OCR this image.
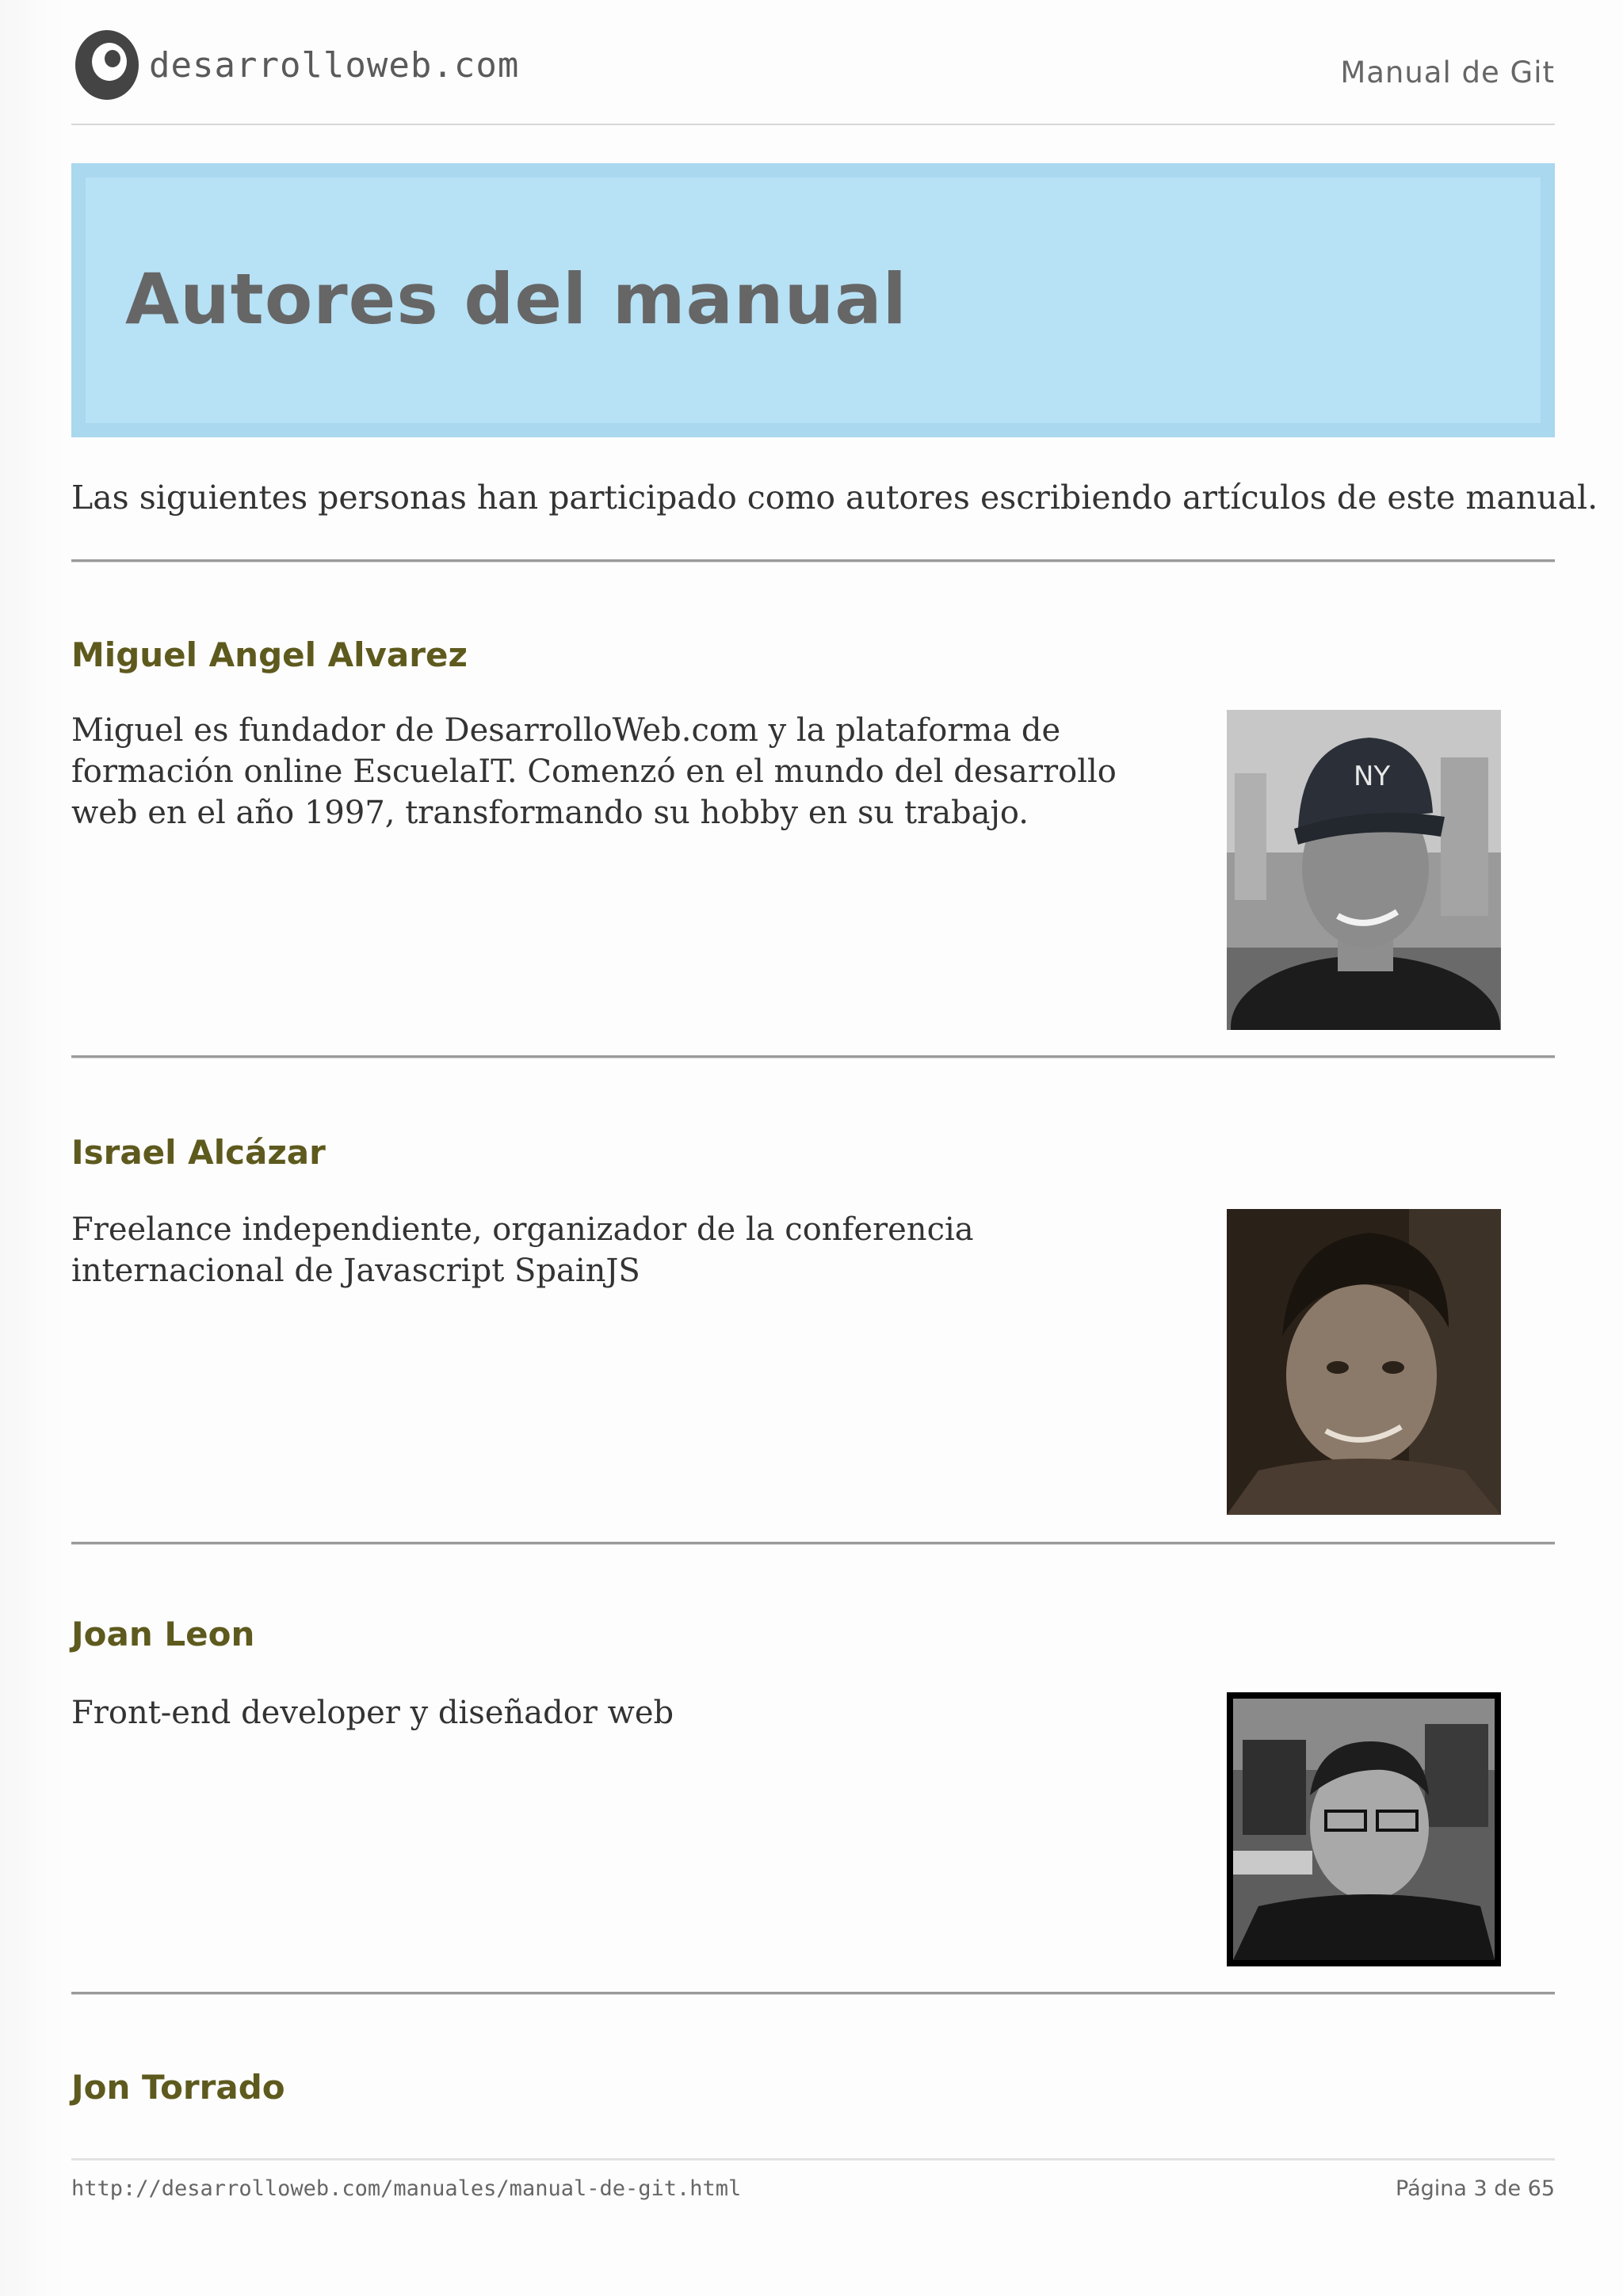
desarrolloweb.com	Manual de Git
Autores del manual

Las siguientes personas han participado como autores escribiendo artículos de este manual.

Miguel Angel Alvarez

Miguel es fundador de DesarrolloWeb.com y la plataforma de formación online EscuelaIT. Comenzó en el mundo del desarrollo web en el año 1997, transformando su hobby en su trabajo.

NY
Israel Alcázar

Freelance independiente, organizador de la conferencia internacional de Javascript SpainJS

Joan Leon

Front-end developer y diseñador web

Jon Torrado
http://desarrolloweb.com/manuales/manual-de-git.html	Página 3 de 65
